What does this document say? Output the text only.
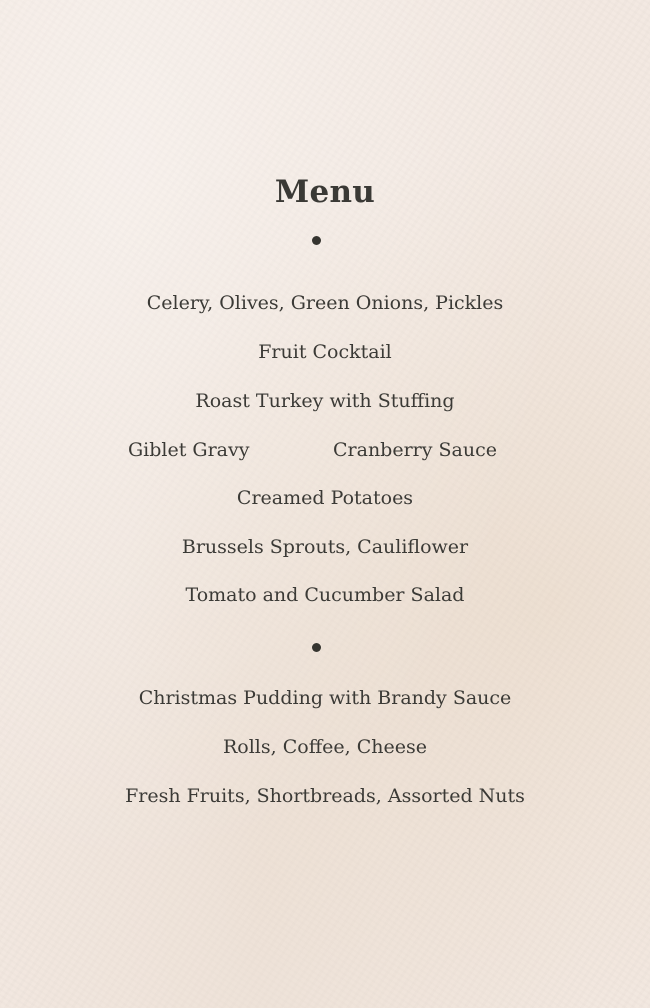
Menu
Celery, Olives, Green Onions, Pickles
Fruit Cocktail
Roast Turkey with Stuffing
Giblet Gravy	Cranberry Sauce
Creamed Potatoes
Brussels Sprouts, Cauliflower
Tomato and Cucumber Salad
Christmas Pudding with Brandy Sauce
Rolls, Coffee, Cheese
Fresh Fruits, Shortbreads, Assorted Nuts
